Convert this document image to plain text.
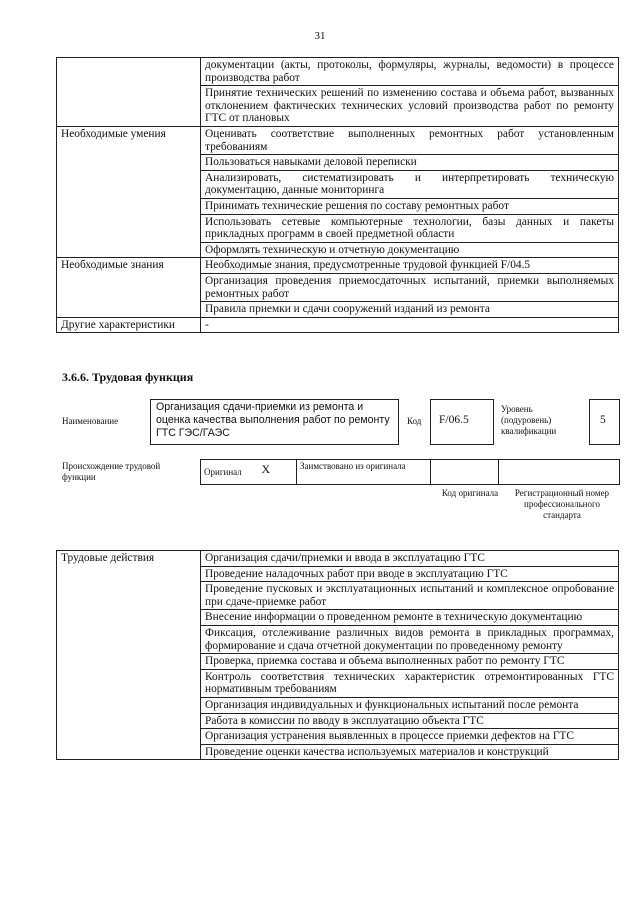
31
	документации (акты, протоколы, формуляры, журналы, ведомости) в процессе производства работ
	Принятие технических решений по изменению состава и объема работ, вызванных отклонением фактических технических условий производства работ по ремонту ГТС от плановых
Необходимые умения	Оценивать соответствие выполненных ремонтных работ установленным требованиям
	Пользоваться навыками деловой переписки
	Анализировать, систематизировать и интерпретировать техническую документацию, данные мониторинга
	Принимать технические решения по составу ремонтных работ
	Использовать сетевые компьютерные технологии, базы данных и пакеты прикладных программ в своей предметной области
	Оформлять техническую и отчетную документацию
Необходимые знания	Необходимые знания, предусмотренные трудовой функцией F/04.5
	Организация проведения приемосдаточных испытаний, приемки выполняемых ремонтных работ
	Правила приемки и сдачи сооружений изданий из ремонта
Другие характеристики	-
3.6.6. Трудовая функция
Наименование
Организация сдачи-приемки из ремонта и оценка качества выполнения работ по ремонту ГТС ГЭС/ГАЭС
Код	F/06.5
Уровень (подуровень) квалификации
5
Происхождение трудовой функции	Оригинал	X	Заимствовано из оригинала		
Код оригинала	Регистрационный номер профессионального стандарта
Трудовые действия	Организация сдачи/приемки и ввода в эксплуатацию ГТС
Проведение наладочных работ при вводе в эксплуатацию ГТС
Проведение пусковых и эксплуатационных испытаний и комплексное опробование при сдаче-приемке работ
Внесение информации о проведенном ремонте в техническую документацию
Фиксация, отслеживание различных видов ремонта в прикладных программах, формирование и сдача отчетной документации по проведенному ремонту
Проверка, приемка состава и объема выполненных работ по ремонту ГТС
Контроль соответствия технических характеристик отремонтированных ГТС нормативным требованиям
Организация индивидуальных и функциональных испытаний после ремонта
Работа в комиссии по вводу в эксплуатацию объекта ГТС
Организация устранения выявленных в процессе приемки дефектов на ГТС
Проведение оценки качества используемых материалов и конструкций
